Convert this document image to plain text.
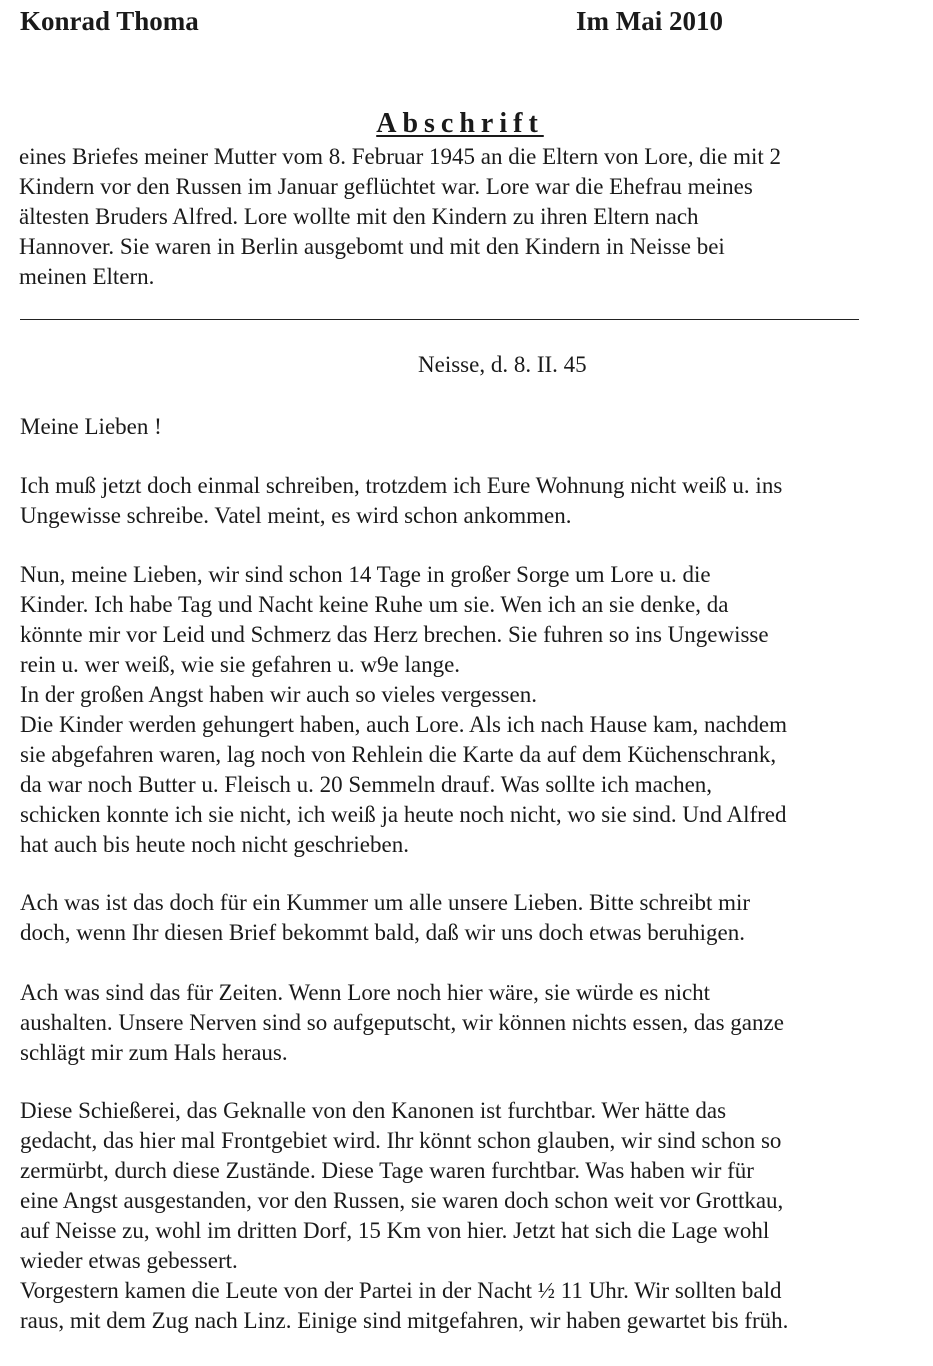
Konrad Thoma	Im Mai 2010
Abschrift
eines Briefes meiner Mutter vom 8. Februar 1945 an die Eltern von Lore, die mit 2
Kindern vor den Russen im Januar geflüchtet war. Lore war die Ehefrau meines
ältesten Bruders Alfred. Lore wollte mit den Kindern zu ihren Eltern nach
Hannover. Sie waren in Berlin ausgebomt und mit den Kindern in Neisse bei
meinen Eltern.
Neisse, d. 8. II. 45
Meine Lieben !
Ich muß jetzt doch einmal schreiben, trotzdem ich Eure Wohnung nicht weiß u. ins
Ungewisse schreibe. Vatel meint, es wird schon ankommen.
Nun, meine Lieben, wir sind schon 14 Tage in großer Sorge um Lore u. die
Kinder. Ich habe Tag und Nacht keine Ruhe um sie. Wen ich an sie denke, da
könnte mir vor Leid und Schmerz das Herz brechen. Sie fuhren so ins Ungewisse
rein u. wer weiß, wie sie gefahren u. w9e lange.
In der großen Angst haben wir auch so vieles vergessen.
Die Kinder werden gehungert haben, auch Lore. Als ich nach Hause kam, nachdem
sie abgefahren waren, lag noch von Rehlein die Karte da auf dem Küchenschrank,
da war noch Butter u. Fleisch u. 20 Semmeln drauf. Was sollte ich machen,
schicken konnte ich sie nicht, ich weiß ja heute noch nicht, wo sie sind. Und Alfred
hat auch bis heute noch nicht geschrieben.
Ach was ist das doch für ein Kummer um alle unsere Lieben. Bitte schreibt mir
doch, wenn Ihr diesen Brief bekommt bald, daß wir uns doch etwas beruhigen.
Ach was sind das für Zeiten. Wenn Lore noch hier wäre, sie würde es nicht
aushalten. Unsere Nerven sind so aufgeputscht, wir können nichts essen, das ganze
schlägt mir zum Hals heraus.
Diese Schießerei, das Geknalle von den Kanonen ist furchtbar. Wer hätte das
gedacht, das hier mal Frontgebiet wird. Ihr könnt schon glauben, wir sind schon so
zermürbt, durch diese Zustände. Diese Tage waren furchtbar. Was haben wir für
eine Angst ausgestanden, vor den Russen, sie waren doch schon weit vor Grottkau,
auf Neisse zu, wohl im dritten Dorf, 15 Km von hier. Jetzt hat sich die Lage wohl
wieder etwas gebessert.
Vorgestern kamen die Leute von der Partei in der Nacht ½ 11 Uhr. Wir sollten bald
raus, mit dem Zug nach Linz. Einige sind mitgefahren, wir haben gewartet bis früh.
